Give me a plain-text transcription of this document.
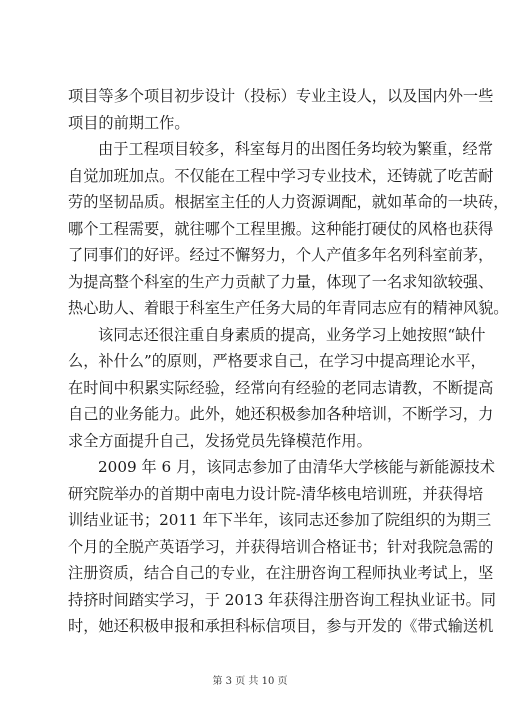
项目等多个项目初步设计（投标）专业主设人，以及国内外一些
项目的前期工作。
由于工程项目较多，科室每月的出图任务均较为繁重，经常
自觉加班加点。不仅能在工程中学习专业技术，还铸就了吃苦耐
劳的坚韧品质。根据室主任的人力资源调配，就如革命的一块砖，
哪个工程需要，就往哪个工程里搬。这种能打硬仗的风格也获得
了同事们的好评。经过不懈努力，个人产值多年名列科室前茅，
为提高整个科室的生产力贡献了力量，体现了一名求知欲较强、
热心助人、着眼于科室生产任务大局的年青同志应有的精神风貌。
该同志还很注重自身素质的提高，业务学习上她按照“缺什
么，补什么”的原则，严格要求自己，在学习中提高理论水平，
在时间中积累实际经验，经常向有经验的老同志请教，不断提高
自己的业务能力。此外，她还积极参加各种培训，不断学习，力
求全方面提升自己，发扬党员先锋模范作用。
2009 年 6 月，该同志参加了由清华大学核能与新能源技术
研究院举办的首期中南电力设计院-清华核电培训班，并获得培
训结业证书；2011 年下半年，该同志还参加了院组织的为期三
个月的全脱产英语学习，并获得培训合格证书；针对我院急需的
注册资质，结合自己的专业，在注册咨询工程师执业考试上，坚
持挤时间踏实学习，于 2013 年获得注册咨询工程执业证书。同
时，她还积极申报和承担科标信项目，参与开发的《带式输送机
第 3 页 共 10 页
